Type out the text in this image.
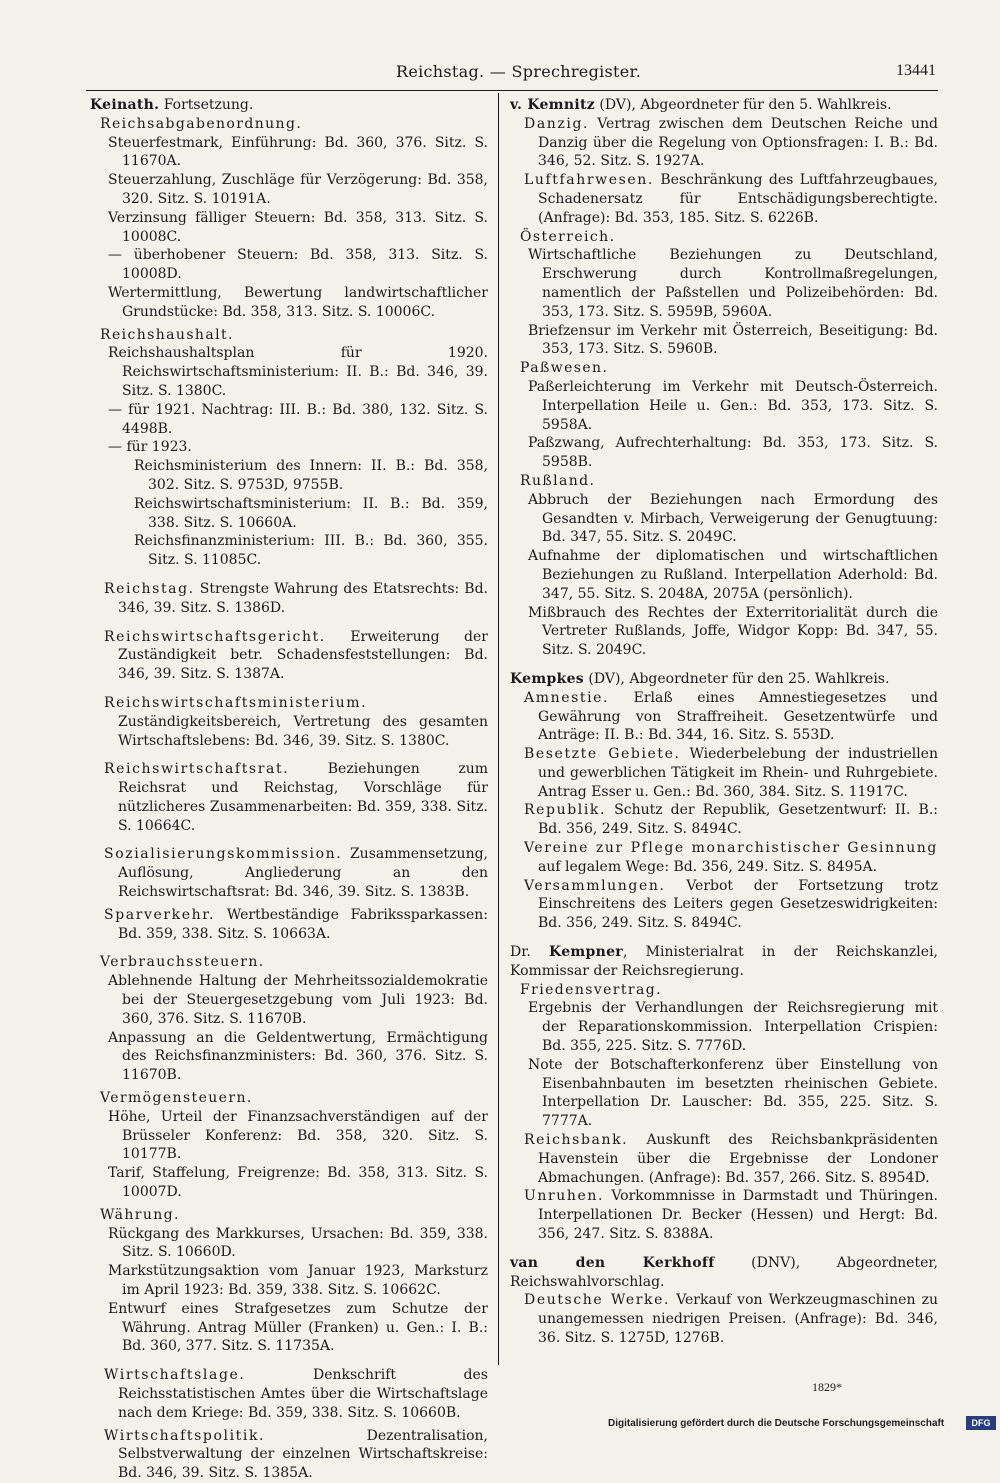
Reichstag. — Sprechregister.	13441

Keinath. Fortsetzung.

Reichsabgabenordnung.

Steuerfestmark, Einführung: Bd. 360, 376. Sitz. S. 11670A.

Steuerzahlung, Zuschläge für Verzögerung: Bd. 358, 320. Sitz. S. 10191A.

Verzinsung fälliger Steuern: Bd. 358, 313. Sitz. S. 10008C.

— überhobener Steuern: Bd. 358, 313. Sitz. S. 10008D.

Wertermittlung, Bewertung landwirtschaftlicher Grundstücke: Bd. 358, 313. Sitz. S. 10006C.

Reichshaushalt.

Reichshaushaltsplan für 1920. Reichswirtschaftsministerium: II. B.: Bd. 346, 39. Sitz. S. 1380C.

— für 1921. Nachtrag: III. B.: Bd. 380, 132. Sitz. S. 4498B.

— für 1923.

Reichsministerium des Innern: II. B.: Bd. 358, 302. Sitz. S. 9753D, 9755B.

Reichswirtschaftsministerium: II. B.: Bd. 359, 338. Sitz. S. 10660A.

Reichsfinanzministerium: III. B.: Bd. 360, 355. Sitz. S. 11085C.

Reichstag. Strengste Wahrung des Etatsrechts: Bd. 346, 39. Sitz. S. 1386D.

Reichswirtschaftsgericht. Erweiterung der Zuständigkeit betr. Schadensfeststellungen: Bd. 346, 39. Sitz. S. 1387A.

Reichswirtschaftsministerium. Zuständigkeitsbereich, Vertretung des gesamten Wirtschaftslebens: Bd. 346, 39. Sitz. S. 1380C.

Reichswirtschaftsrat. Beziehungen zum Reichsrat und Reichstag, Vorschläge für nützlicheres Zusammenarbeiten: Bd. 359, 338. Sitz. S. 10664C.

Sozialisierungskommission. Zusammensetzung, Auflösung, Angliederung an den Reichswirtschaftsrat: Bd. 346, 39. Sitz. S. 1383B.

Sparverkehr. Wertbeständige Fabrikssparkassen: Bd. 359, 338. Sitz. S. 10663A.

Verbrauchssteuern.

Ablehnende Haltung der Mehrheitssozialdemokratie bei der Steuergesetzgebung vom Juli 1923: Bd. 360, 376. Sitz. S. 11670B.

Anpassung an die Geldentwertung, Ermächtigung des Reichsfinanzministers: Bd. 360, 376. Sitz. S. 11670B.

Vermögensteuern.

Höhe, Urteil der Finanzsachverständigen auf der Brüsseler Konferenz: Bd. 358, 320. Sitz. S. 10177B.

Tarif, Staffelung, Freigrenze: Bd. 358, 313. Sitz. S. 10007D.

Währung.

Rückgang des Markkurses, Ursachen: Bd. 359, 338. Sitz. S. 10660D.

Markstützungsaktion vom Januar 1923, Marksturz im April 1923: Bd. 359, 338. Sitz. S. 10662C.

Entwurf eines Strafgesetzes zum Schutze der Währung. Antrag Müller (Franken) u. Gen.: I. B.: Bd. 360, 377. Sitz. S. 11735A.

Wirtschaftslage. Denkschrift des Reichsstatistischen Amtes über die Wirtschaftslage nach dem Kriege: Bd. 359, 338. Sitz. S. 10660B.

Wirtschaftspolitik. Dezentralisation, Selbstverwaltung der einzelnen Wirtschaftskreise: Bd. 346, 39. Sitz. S. 1385A.

v. Kemnitz (DV), Abgeordneter für den 5. Wahlkreis.

Danzig. Vertrag zwischen dem Deutschen Reiche und Danzig über die Regelung von Optionsfragen: I. B.: Bd. 346, 52. Sitz. S. 1927A.

Luftfahrwesen. Beschränkung des Luftfahrzeugbaues, Schadenersatz für Entschädigungsberechtigte. (Anfrage): Bd. 353, 185. Sitz. S. 6226B.

Österreich.

Wirtschaftliche Beziehungen zu Deutschland, Erschwerung durch Kontrollmaßregelungen, namentlich der Paßstellen und Polizeibehörden: Bd. 353, 173. Sitz. S. 5959B, 5960A.

Briefzensur im Verkehr mit Österreich, Beseitigung: Bd. 353, 173. Sitz. S. 5960B.

Paßwesen.

Paßerleichterung im Verkehr mit Deutsch-Österreich. Interpellation Heile u. Gen.: Bd. 353, 173. Sitz. S. 5958A.

Paßzwang, Aufrechterhaltung: Bd. 353, 173. Sitz. S. 5958B.

Rußland.

Abbruch der Beziehungen nach Ermordung des Gesandten v. Mirbach, Verweigerung der Genugtuung: Bd. 347, 55. Sitz. S. 2049C.

Aufnahme der diplomatischen und wirtschaftlichen Beziehungen zu Rußland. Interpellation Aderhold: Bd. 347, 55. Sitz. S. 2048A, 2075A (persönlich).

Mißbrauch des Rechtes der Exterritorialität durch die Vertreter Rußlands, Joffe, Widgor Kopp: Bd. 347, 55. Sitz. S. 2049C.

Kempkes (DV), Abgeordneter für den 25. Wahlkreis.

Amnestie. Erlaß eines Amnestiegesetzes und Gewährung von Straffreiheit. Gesetzentwürfe und Anträge: II. B.: Bd. 344, 16. Sitz. S. 553D.

Besetzte Gebiete. Wiederbelebung der industriellen und gewerblichen Tätigkeit im Rhein- und Ruhrgebiete. Antrag Esser u. Gen.: Bd. 360, 384. Sitz. S. 11917C.

Republik. Schutz der Republik, Gesetzentwurf: II. B.: Bd. 356, 249. Sitz. S. 8494C.

Vereine zur Pflege monarchistischer Gesinnung auf legalem Wege: Bd. 356, 249. Sitz. S. 8495A.

Versammlungen. Verbot der Fortsetzung trotz Einschreitens des Leiters gegen Gesetzeswidrigkeiten: Bd. 356, 249. Sitz. S. 8494C.

Dr. Kempner, Ministerialrat in der Reichskanzlei, Kommissar der Reichsregierung.

Friedensvertrag.

Ergebnis der Verhandlungen der Reichsregierung mit der Reparationskommission. Interpellation Crispien: Bd. 355, 225. Sitz. S. 7776D.

Note der Botschafterkonferenz über Einstellung von Eisenbahnbauten im besetzten rheinischen Gebiete. Interpellation Dr. Lauscher: Bd. 355, 225. Sitz. S. 7777A.

Reichsbank. Auskunft des Reichsbankpräsidenten Havenstein über die Ergebnisse der Londoner Abmachungen. (Anfrage): Bd. 357, 266. Sitz. S. 8954D.

Unruhen. Vorkommnisse in Darmstadt und Thüringen. Interpellationen Dr. Becker (Hessen) und Hergt: Bd. 356, 247. Sitz. S. 8388A.

van den Kerkhoff (DNV), Abgeordneter, Reichswahlvorschlag.

Deutsche Werke. Verkauf von Werkzeugmaschinen zu unangemessen niedrigen Preisen. (Anfrage): Bd. 346, 36. Sitz. S. 1275D, 1276B.

1829*
Digitalisierung gefördert durch die Deutsche Forschungsgemeinschaft	DFG
